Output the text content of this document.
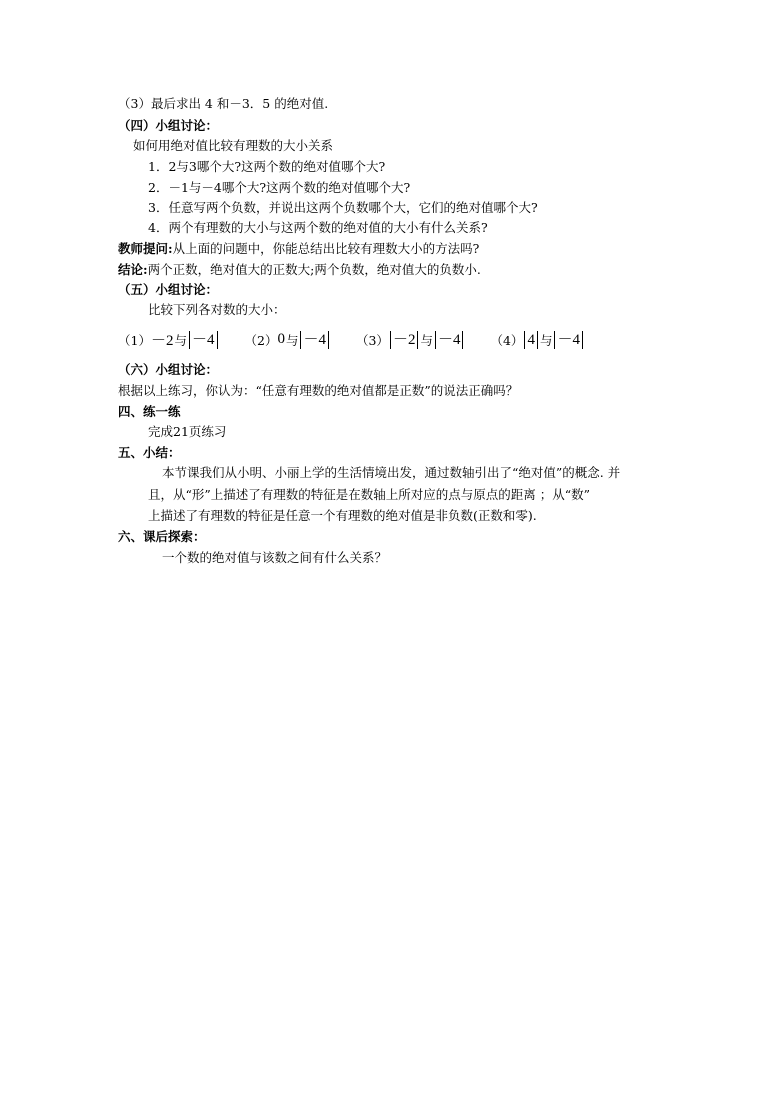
（3）最后求出 4 和－3．5 的绝对值.
（四）小组讨论：
如何用绝对值比较有理数的大小关系
1．2与3哪个大?这两个数的绝对值哪个大?
2．－1与－4哪个大?这两个数的绝对值哪个大?
3．任意写两个负数，并说出这两个负数哪个大，它们的绝对值哪个大?
4．两个有理数的大小与这两个数的绝对值的大小有什么关系?
教师提问:从上面的问题中，你能总结出比较有理数大小的方法吗?
结论:两个正数，绝对值大的正数大;两个负数，绝对值大的负数小.
（五）小组讨论：
比较下列各对数的大小：
（1） －2 与 －4 （2） 0 与 －4 （3） －2 与 －4 （4） 4 与 －4
（六）小组讨论：
根据以上练习，你认为：“任意有理数的绝对值都是正数”的说法正确吗？
四、练一练
完成21页练习
五、小结：
本节课我们从小明、小丽上学的生活情境出发，通过数轴引出了“绝对值”的概念. 并
且，从“形”上描述了有理数的特征是在数轴上所对应的点与原点的距离 ；从“数”
上描述了有理数的特征是任意一个有理数的绝对值是非负数(正数和零).
六、课后探索：
一个数的绝对值与该数之间有什么关系？
